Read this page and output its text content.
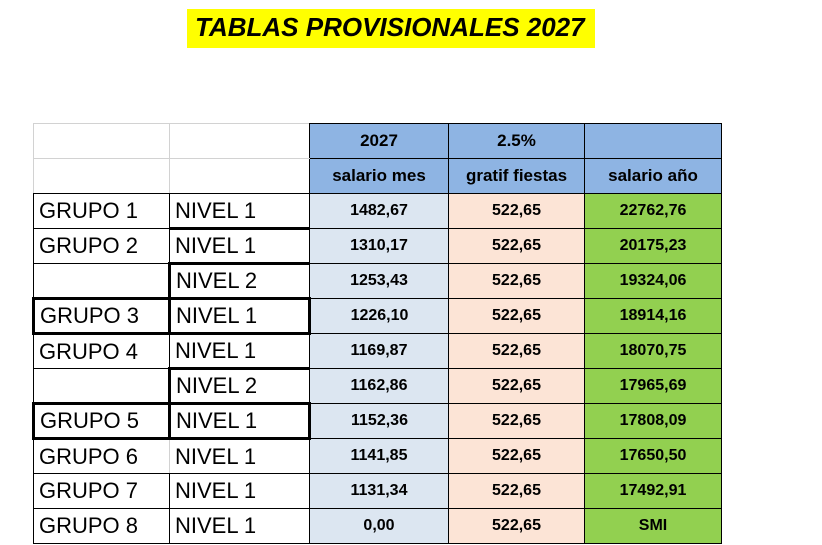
TABLAS PROVISIONALES 2027
		2027	2.5%	
		salario mes	gratif fiestas	salario año
GRUPO 1	NIVEL 1	1482,67	522,65	22762,76
GRUPO 2	NIVEL 1	1310,17	522,65	20175,23
	NIVEL 2	1253,43	522,65	19324,06
GRUPO 3	NIVEL 1	1226,10	522,65	18914,16
GRUPO 4	NIVEL 1	1169,87	522,65	18070,75
	NIVEL 2	1162,86	522,65	17965,69
GRUPO 5	NIVEL 1	1152,36	522,65	17808,09
GRUPO 6	NIVEL 1	1141,85	522,65	17650,50
GRUPO 7	NIVEL 1	1131,34	522,65	17492,91
GRUPO 8	NIVEL 1	0,00	522,65	SMI
